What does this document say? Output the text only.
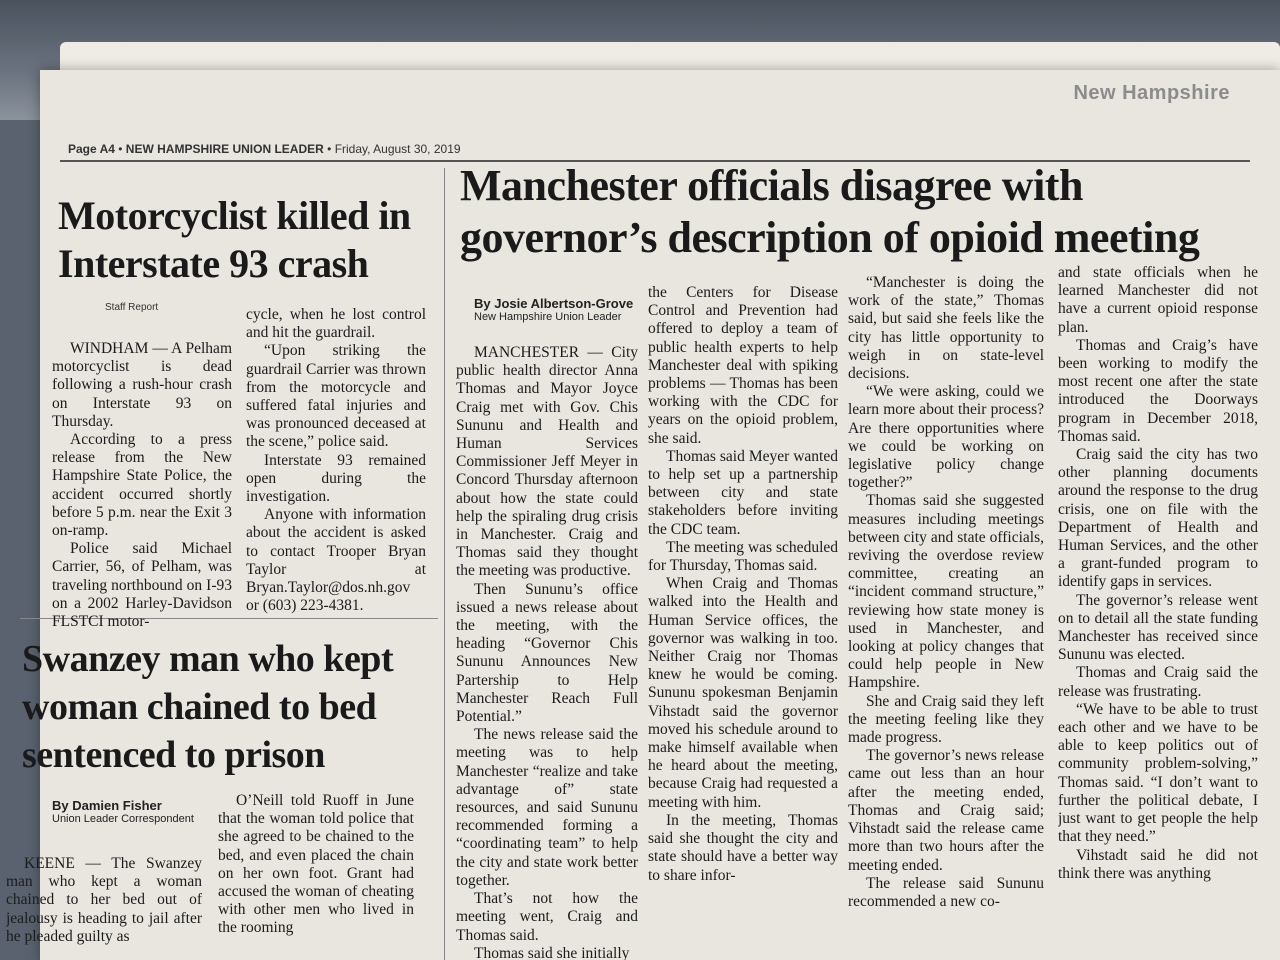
New Hampshire
Page A4 • NEW HAMPSHIRE UNION LEADER • Friday, August 30, 2019
Motorcyclist killed in Interstate 93 crash
Staff Report

WINDHAM — A Pelham motorcyclist is dead following a rush-hour crash on Interstate 93 on Thursday.

According to a press release from the New Hampshire State Police, the accident occurred shortly before 5 p.m. near the Exit 3 on-ramp.

Police said Michael Carrier, 56, of Pelham, was traveling northbound on I-93 on a 2002 Harley-Davidson FLSTCI motor-

cycle, when he lost control and hit the guardrail.

“Upon striking the guardrail Carrier was thrown from the motorcycle and suffered fatal injuries and was pronounced deceased at the scene,” police said.

Interstate 93 remained open during the investigation.

Anyone with information about the accident is asked to contact Trooper Bryan Taylor at Bryan.Taylor@dos.nh.gov or (603) 223-4381.

Swanzey man who kept woman chained to bed sentenced to prison
By Damien Fisher
Union Leader Correspondent

KEENE — The Swanzey man who kept a woman chained to her bed out of jealousy is heading to jail after he pleaded guilty as

O’Neill told Ruoff in June that the woman told police that she agreed to be chained to the bed, and even placed the chain on her own foot. Grant had accused the woman of cheating with other men who lived in the rooming

Manchester officials disagree with governor’s description of opioid meeting
By Josie Albertson-Grove
New Hampshire Union Leader

MANCHESTER — City public health director Anna Thomas and Mayor Joyce Craig met with Gov. Chis Sununu and Health and Human Services Commissioner Jeff Meyer in Concord Thursday afternoon about how the state could help the spiraling drug crisis in Manchester. Craig and Thomas said they thought the meeting was productive.

Then Sununu’s office issued a news release about the meeting, with the heading “Governor Chis Sununu Announces New Partership to Help Manchester Reach Full Potential.”

The news release said the meeting was to help Manchester “realize and take advantage of” state resources, and said Sununu recommended forming a “coordinating team” to help the city and state work better together.

That’s not how the meeting went, Craig and Thomas said.

Thomas said she initially

the Centers for Disease Control and Prevention had offered to deploy a team of public health experts to help Manchester deal with spiking problems — Thomas has been working with the CDC for years on the opioid problem, she said.

Thomas said Meyer wanted to help set up a partnership between city and state stakeholders before inviting the CDC team.

The meeting was scheduled for Thursday, Thomas said.

When Craig and Thomas walked into the Health and Human Service offices, the governor was walking in too. Neither Craig nor Thomas knew he would be coming. Sununu spokesman Benjamin Vihstadt said the governor moved his schedule around to make himself available when he heard about the meeting, because Craig had requested a meeting with him.

In the meeting, Thomas said she thought the city and state should have a better way to share infor-

“Manchester is doing the work of the state,” Thomas said, but said she feels like the city has little opportunity to weigh in on state-level decisions.

“We were asking, could we learn more about their process? Are there opportunities where we could be working on legislative policy change together?”

Thomas said she suggested measures including meetings between city and state officials, reviving the overdose review committee, creating an “incident command structure,” reviewing how state money is used in Manchester, and looking at policy changes that could help people in New Hampshire.

She and Craig said they left the meeting feeling like they made progress.

The governor’s news release came out less than an hour after the meeting ended, Thomas and Craig said; Vihstadt said the release came more than two hours after the meeting ended.

The release said Sununu recommended a new co-

and state officials when he learned Manchester did not have a current opioid response plan.

Thomas and Craig’s have been working to modify the most recent one after the state introduced the Doorways program in December 2018, Thomas said.

Craig said the city has two other planning documents around the response to the drug crisis, one on file with the Department of Health and Human Services, and the other a grant-funded program to identify gaps in services.

The governor’s release went on to detail all the state funding Manchester has received since Sununu was elected.

Thomas and Craig said the release was frustrating.

“We have to be able to trust each other and we have to be able to keep politics out of community problem-solving,” Thomas said. “I don’t want to further the political debate, I just want to get people the help that they need.”

Vihstadt said he did not think there was anything
